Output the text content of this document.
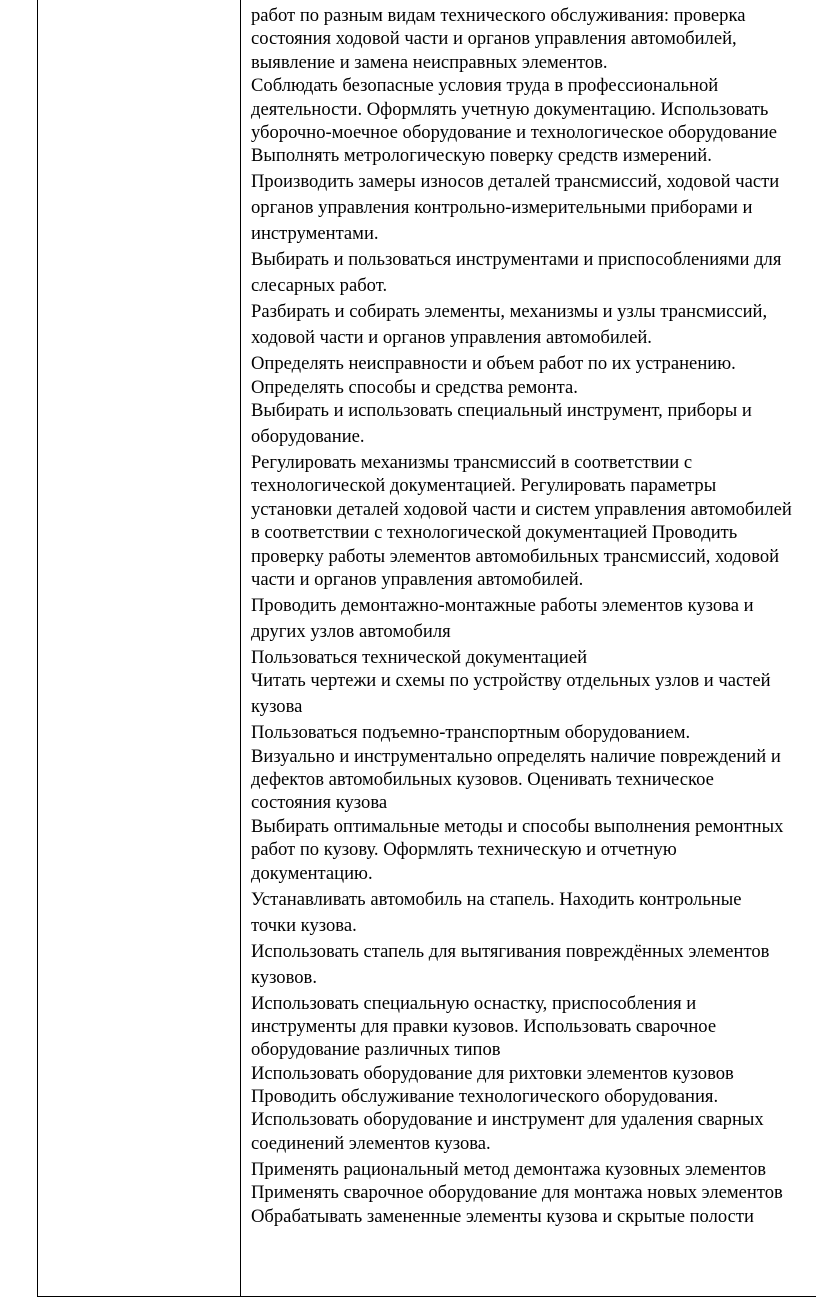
работ по разным видам технического обслуживания: проверка
состояния ходовой части и органов управления автомобилей,
выявление и замена неисправных элементов.
Соблюдать безопасные условия труда в профессиональной
деятельности. Оформлять учетную документацию. Использовать
уборочно-моечное оборудование и технологическое оборудование
Выполнять метрологическую поверку средств измерений.
Производить замеры износов деталей трансмиссий, ходовой части
органов управления контрольно-измерительными приборами и
инструментами.
Выбирать и пользоваться инструментами и приспособлениями для
слесарных работ.
Разбирать и собирать элементы, механизмы и узлы трансмиссий,
ходовой части и органов управления автомобилей.
Определять неисправности и объем работ по их устранению.
Определять способы и средства ремонта.
Выбирать и использовать специальный инструмент, приборы и
оборудование.
Регулировать механизмы трансмиссий в соответствии с
технологической документацией. Регулировать параметры
установки деталей ходовой части и систем управления автомобилей
в соответствии с технологической документацией Проводить
проверку работы элементов автомобильных трансмиссий, ходовой
части и органов управления автомобилей.
Проводить демонтажно-монтажные работы элементов кузова и
других узлов автомобиля
Пользоваться технической документацией
Читать чертежи и схемы по устройству отдельных узлов и частей
кузова
Пользоваться подъемно-транспортным оборудованием.
Визуально и инструментально определять наличие повреждений и
дефектов автомобильных кузовов. Оценивать техническое
состояния кузова
Выбирать оптимальные методы и способы выполнения ремонтных
работ по кузову. Оформлять техническую и отчетную
документацию.
Устанавливать автомобиль на стапель. Находить контрольные
точки кузова.
Использовать стапель для вытягивания повреждённых элементов
кузовов.
Использовать специальную оснастку, приспособления и
инструменты для правки кузовов. Использовать сварочное
оборудование различных типов
Использовать оборудование для рихтовки элементов кузовов
Проводить обслуживание технологического оборудования.
Использовать оборудование и инструмент для удаления сварных
соединений элементов кузова.
Применять рациональный метод демонтажа кузовных элементов
Применять сварочное оборудование для монтажа новых элементов
Обрабатывать замененные элементы кузова и скрытые полости
